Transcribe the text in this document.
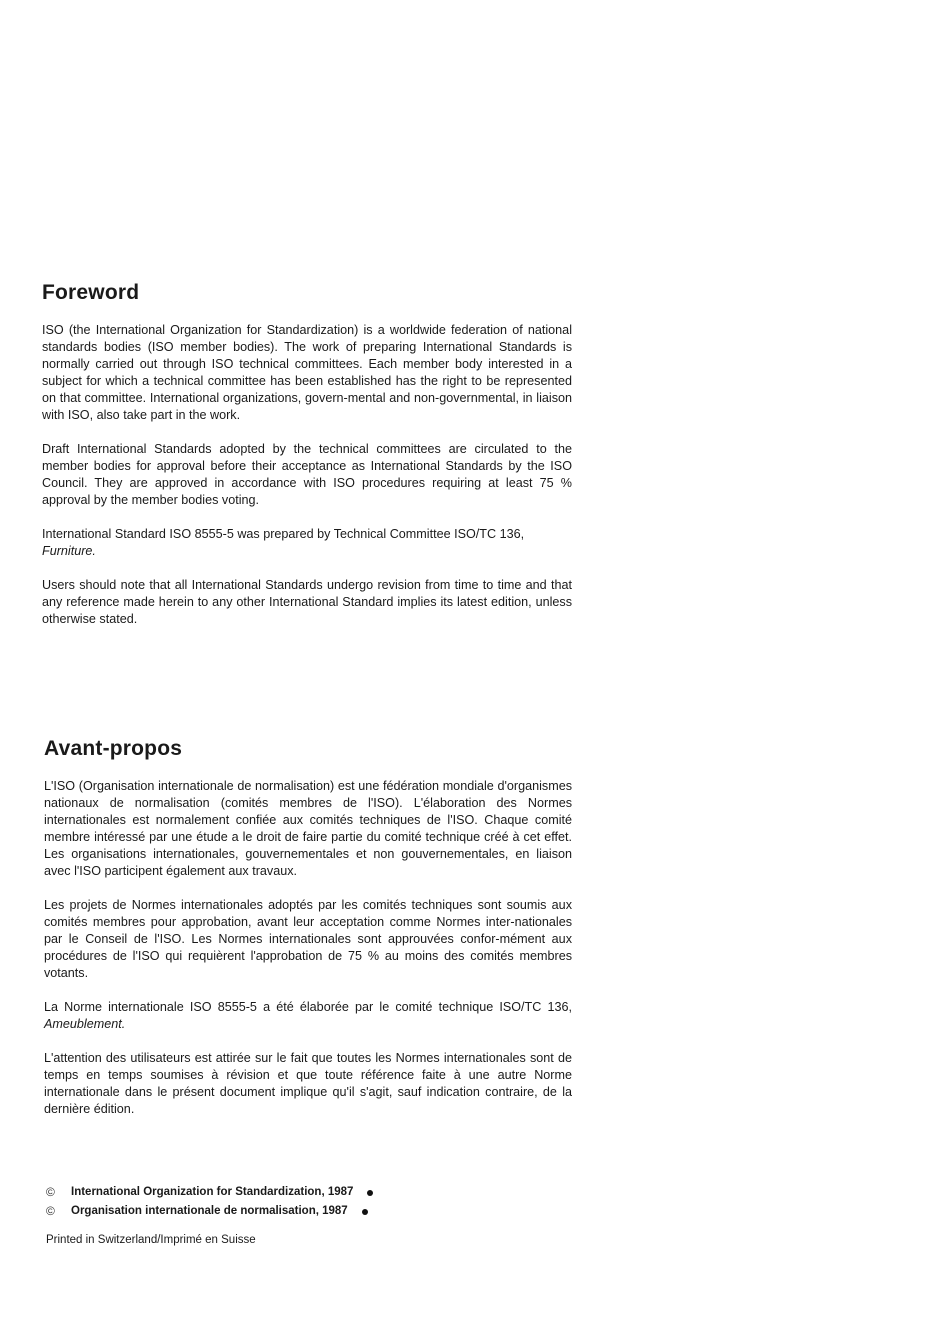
Foreword

ISO (the International Organization for Standardization) is a worldwide federation of national standards bodies (ISO member bodies). The work of preparing International Standards is normally carried out through ISO technical committees. Each member body interested in a subject for which a technical committee has been established has the right to be represented on that committee. International organizations, govern-mental and non-governmental, in liaison with ISO, also take part in the work.

Draft International Standards adopted by the technical committees are circulated to the member bodies for approval before their acceptance as International Standards by the ISO Council. They are approved in accordance with ISO procedures requiring at least 75 % approval by the member bodies voting.

International Standard ISO 8555-5 was prepared by Technical Committee ISO/TC 136, Furniture.

Users should note that all International Standards undergo revision from time to time and that any reference made herein to any other International Standard implies its latest edition, unless otherwise stated.

Avant-propos

L'ISO (Organisation internationale de normalisation) est une fédération mondiale d'organismes nationaux de normalisation (comités membres de l'ISO). L'élaboration des Normes internationales est normalement confiée aux comités techniques de l'ISO. Chaque comité membre intéressé par une étude a le droit de faire partie du comité technique créé à cet effet. Les organisations internationales, gouvernementales et non gouvernementales, en liaison avec l'ISO participent également aux travaux.

Les projets de Normes internationales adoptés par les comités techniques sont soumis aux comités membres pour approbation, avant leur acceptation comme Normes inter-nationales par le Conseil de l'ISO. Les Normes internationales sont approuvées confor-mément aux procédures de l'ISO qui requièrent l'approbation de 75 % au moins des comités membres votants.

La Norme internationale ISO 8555-5 a été élaborée par le comité technique ISO/TC 136, Ameublement.

L'attention des utilisateurs est attirée sur le fait que toutes les Normes internationales sont de temps en temps soumises à révision et que toute référence faite à une autre Norme internationale dans le présent document implique qu'il s'agit, sauf indication contraire, de la dernière édition.

©	International Organization for Standardization, 1987
©	Organisation internationale de normalisation, 1987
Printed in Switzerland/Imprimé en Suisse
